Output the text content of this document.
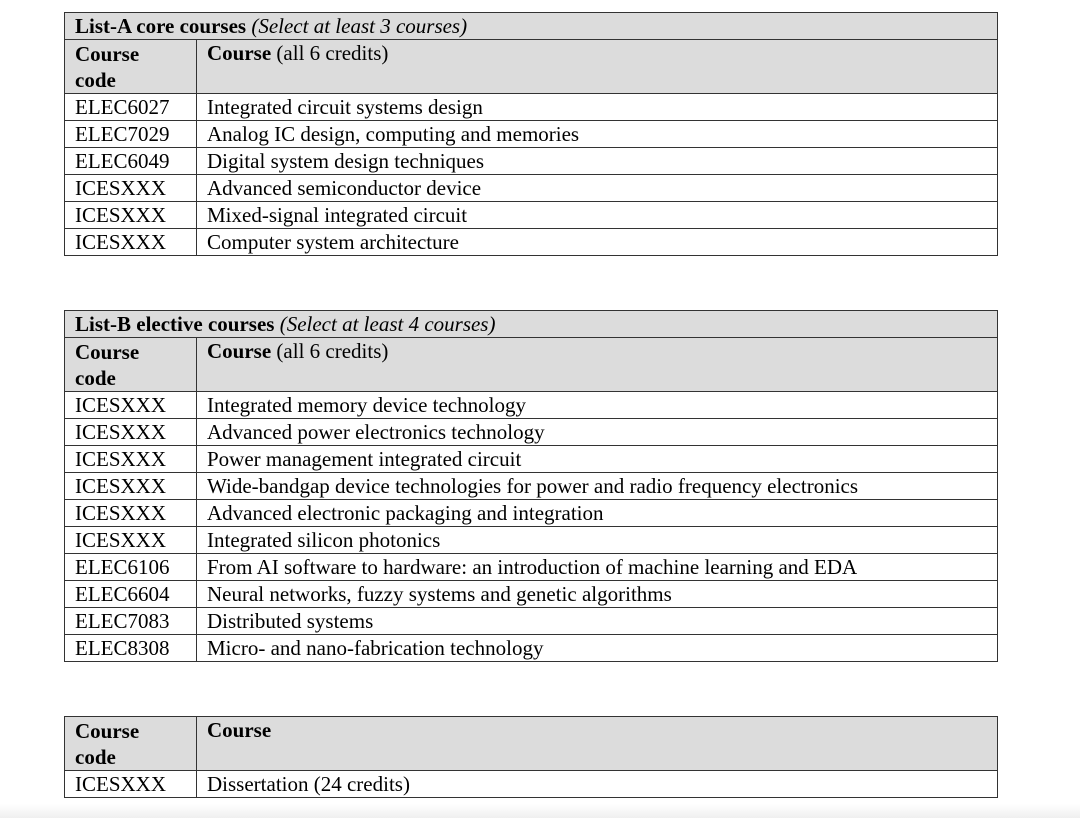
List-A core courses (Select at least 3 courses)	
Course
code	Course (all 6 credits)
ELEC6027	Integrated circuit systems design
ELEC7029	Analog IC design, computing and memories
ELEC6049	Digital system design techniques
ICESXXX	Advanced semiconductor device
ICESXXX	Mixed-signal integrated circuit
ICESXXX	Computer system architecture
List-B elective courses (Select at least 4 courses)	
Course
code	Course (all 6 credits)
ICESXXX	Integrated memory device technology
ICESXXX	Advanced power electronics technology
ICESXXX	Power management integrated circuit
ICESXXX	Wide-bandgap device technologies for power and radio frequency electronics
ICESXXX	Advanced electronic packaging and integration
ICESXXX	Integrated silicon photonics
ELEC6106	From AI software to hardware: an introduction of machine learning and EDA
ELEC6604	Neural networks, fuzzy systems and genetic algorithms
ELEC7083	Distributed systems
ELEC8308	Micro- and nano-fabrication technology
Course
code	Course
ICESXXX	Dissertation (24 credits)
